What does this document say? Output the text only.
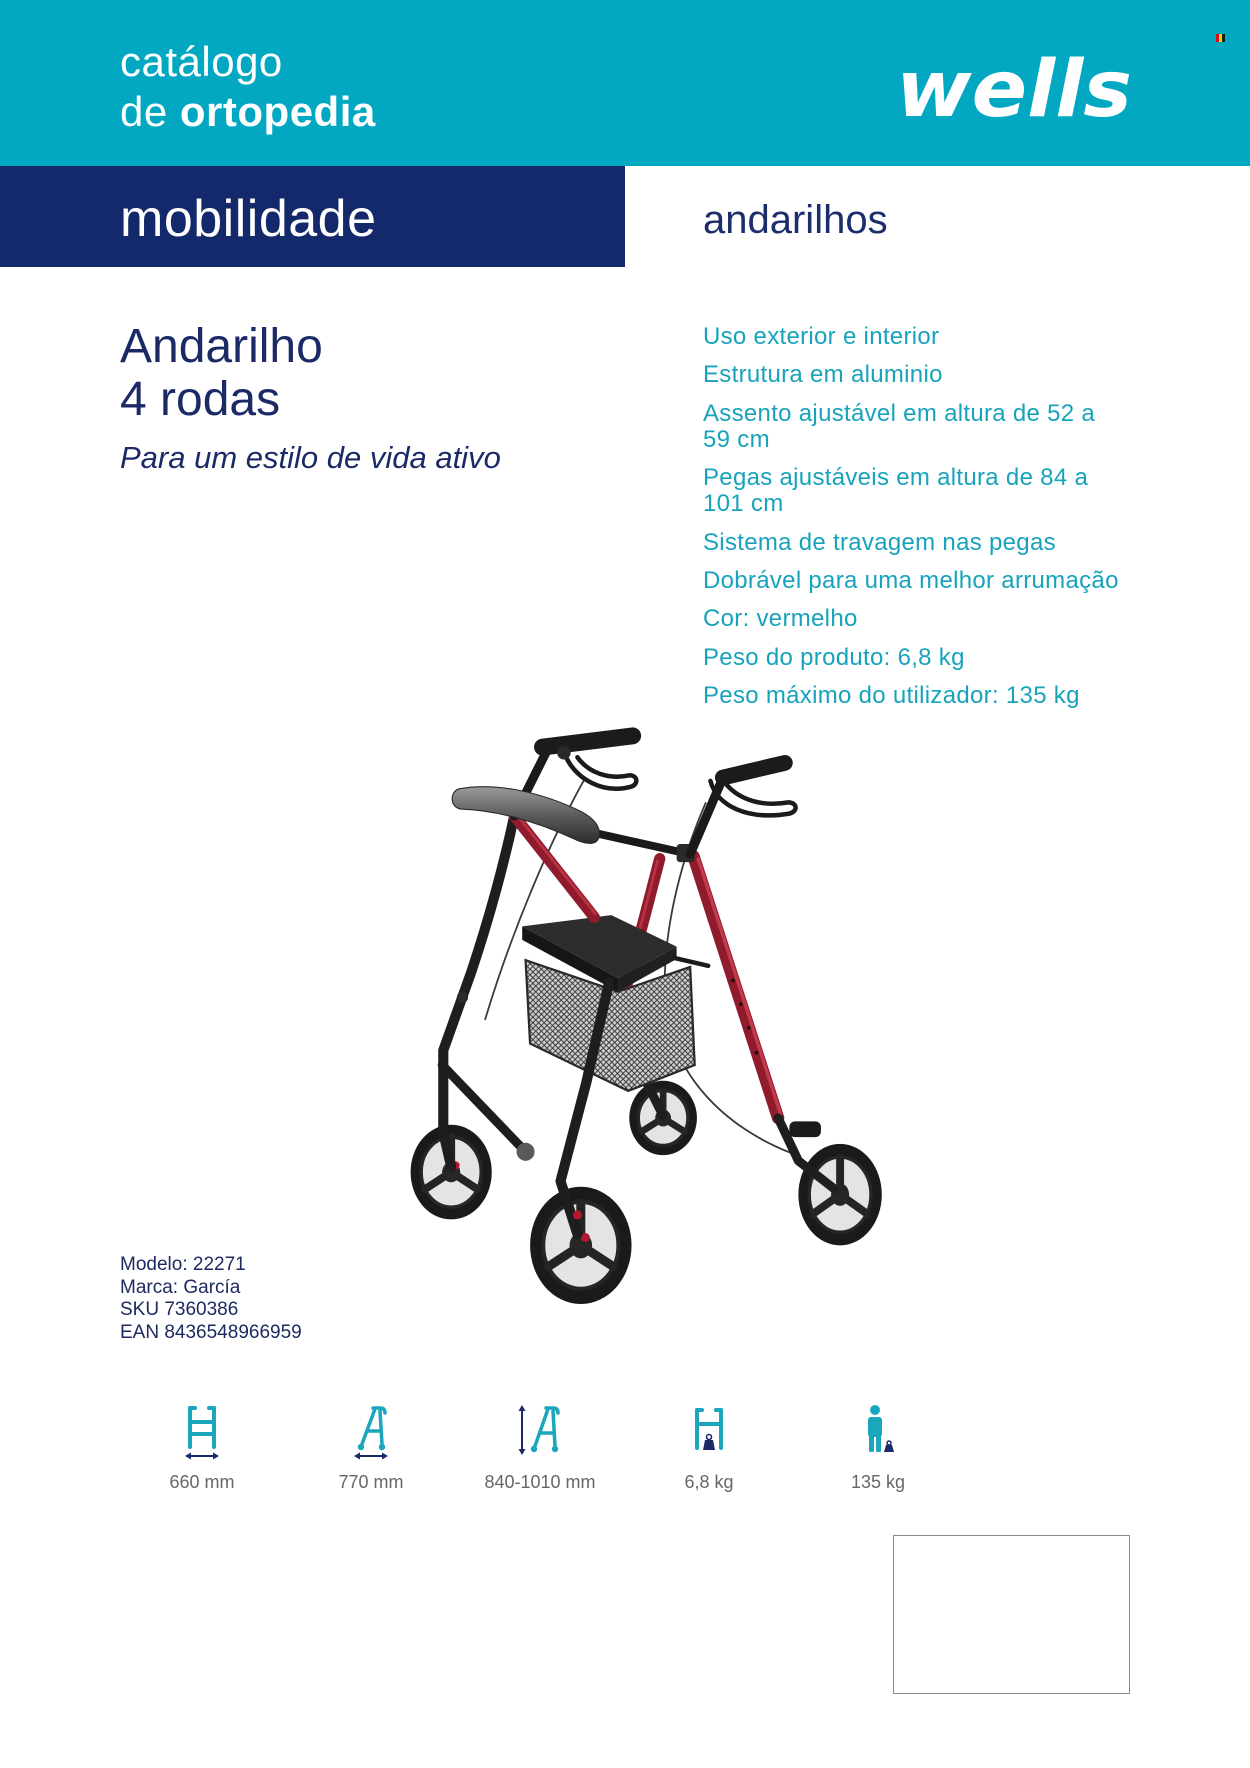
catálogo
de ortopedia	wells
mobilidade	andarilhos
Andarilho
4 rodas
Para um estilo de vida ativo
Uso exterior e interior
Estrutura em aluminio
Assento ajustável em altura de 52 a
59 cm
Pegas ajustáveis em altura de 84 a
101 cm
Sistema de travagem nas pegas
Dobrável para uma melhor arrumação
Cor: vermelho
Peso do produto: 6,8 kg
Peso máximo do utilizador: 135 kg
Modelo: 22271
Marca: García
SKU 7360386
EAN 8436548966959
660 mm	770 mm	840-1010 mm	6,8 kg	135 kg
